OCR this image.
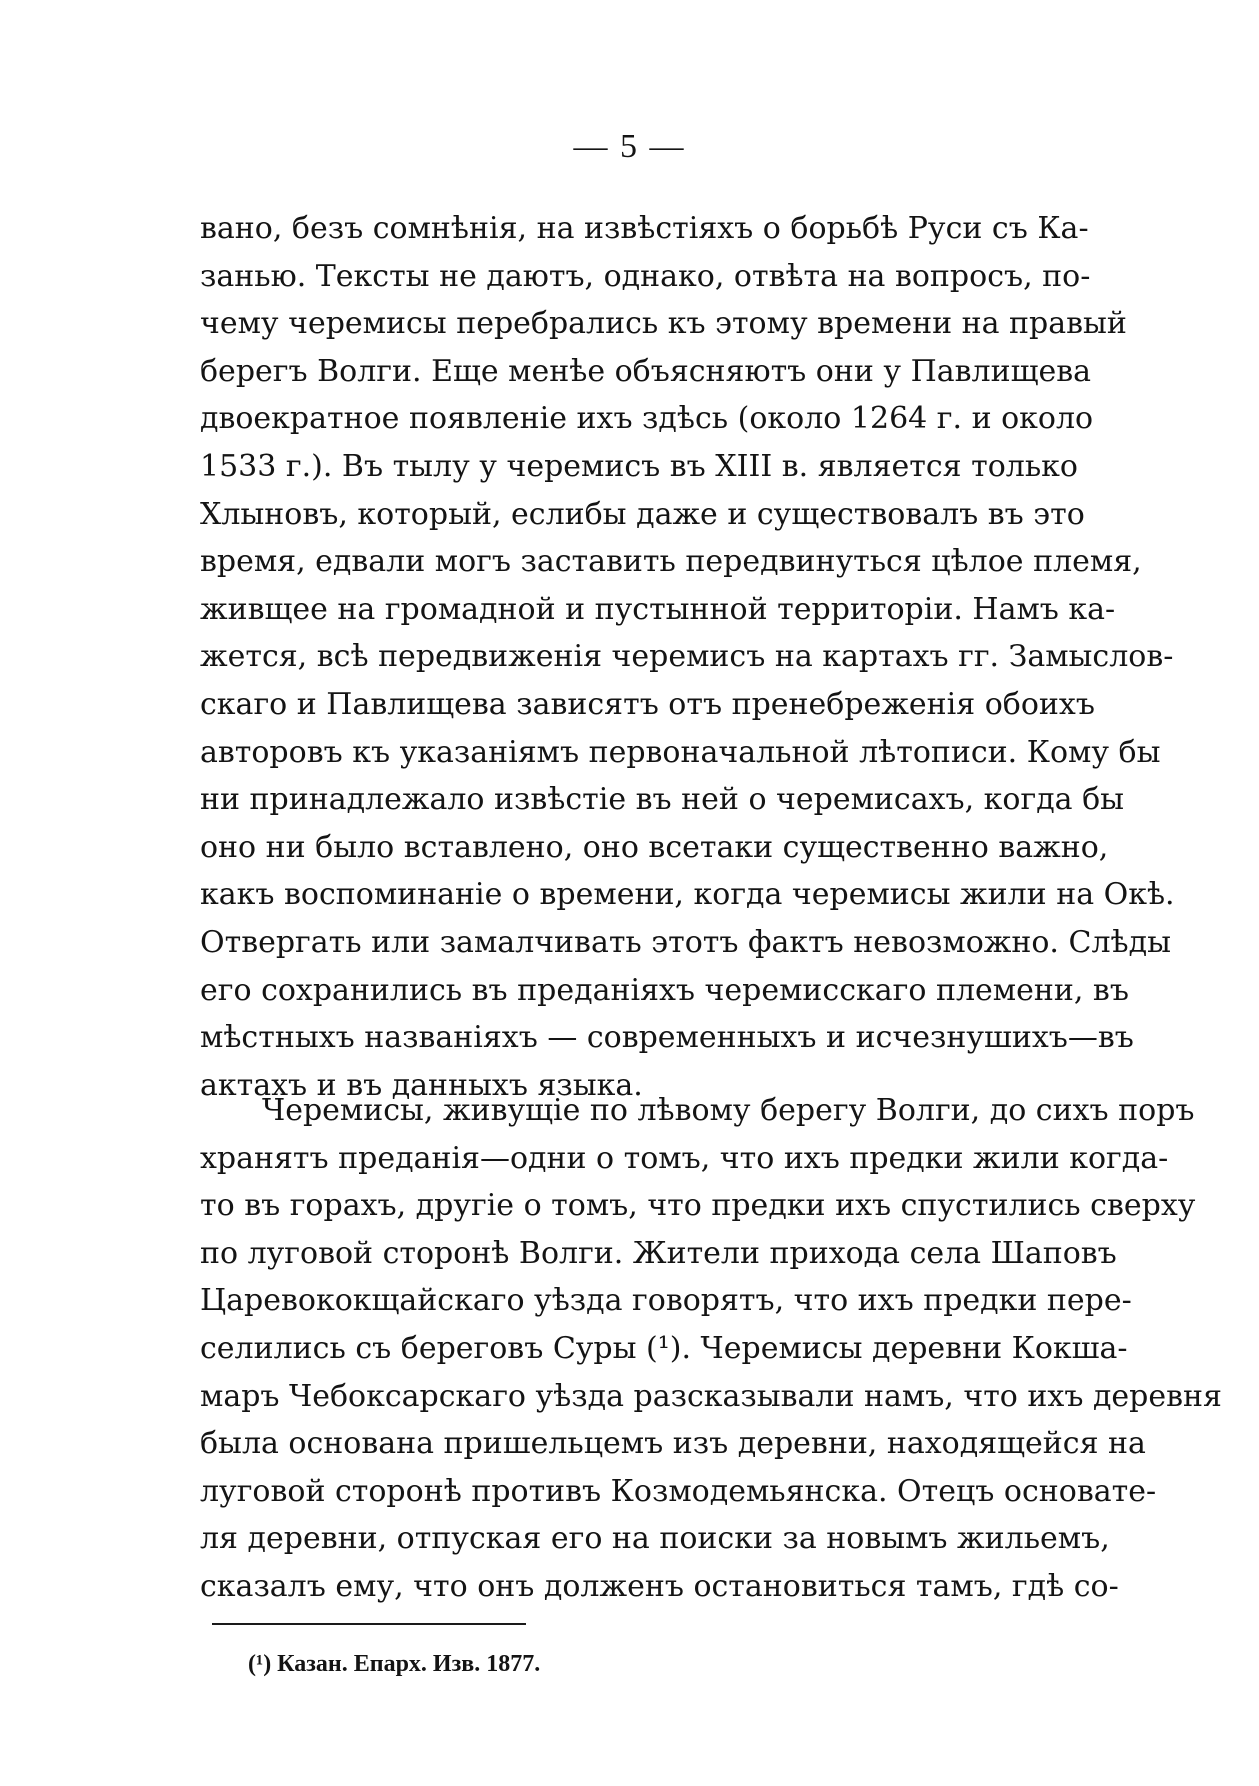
— 5 —
вано, безъ сомнѣнія, на извѣстіяхъ о борьбѣ Руси съ Ка-
занью. Тексты не даютъ, однако, отвѣта на вопросъ, по-
чему черемисы перебрались къ этому времени на правый
берегъ Волги. Еще менѣе объясняютъ они у Павлищева
двоекратное появленіе ихъ здѣсь (около 1264 г. и около
1533 г.). Въ тылу у черемисъ въ XIII в. является только
Хлыновъ, который, еслибы даже и существовалъ въ это
время, едвали могъ заставить передвинуться цѣлое племя,
живщее на громадной и пустынной территоріи. Намъ ка-
жется, всѣ передвиженія черемисъ на картахъ гг. Замыслов-
скаго и Павлищева зависятъ отъ пренебреженія обоихъ
авторовъ къ указаніямъ первоначальной лѣтописи. Кому бы
ни принадлежало извѣстіе въ ней о черемисахъ, когда бы
оно ни было вставлено, оно всетаки существенно важно,
какъ воспоминаніе о времени, когда черемисы жили на Окѣ.
Отвергать или замалчивать этотъ фактъ невозможно. Слѣды
его сохранились въ преданіяхъ черемисскаго племени, въ
мѣстныхъ названіяхъ — современныхъ и исчезнушихъ—въ
актахъ и въ данныхъ языка.
Черемисы, живущіе по лѣвому берегу Волги, до сихъ поръ
хранятъ преданія—одни о томъ, что ихъ предки жили когда-
то въ горахъ, другіе о томъ, что предки ихъ спустились сверху
по луговой сторонѣ Волги. Жители прихода села Шаповъ
Царевококщайскаго уѣзда говорятъ, что ихъ предки пере-
селились съ береговъ Суры (¹). Черемисы деревни Кокша-
маръ Чебоксарскаго уѣзда разсказывали намъ, что ихъ деревня
была основана пришельцемъ изъ деревни, находящейся на
луговой сторонѣ противъ Козмодемьянска. Отецъ основате-
ля деревни, отпуская его на поиски за новымъ жильемъ,
сказалъ ему, что онъ долженъ остановиться тамъ, гдѣ со-
(¹) Казан. Епарх. Изв. 1877.
